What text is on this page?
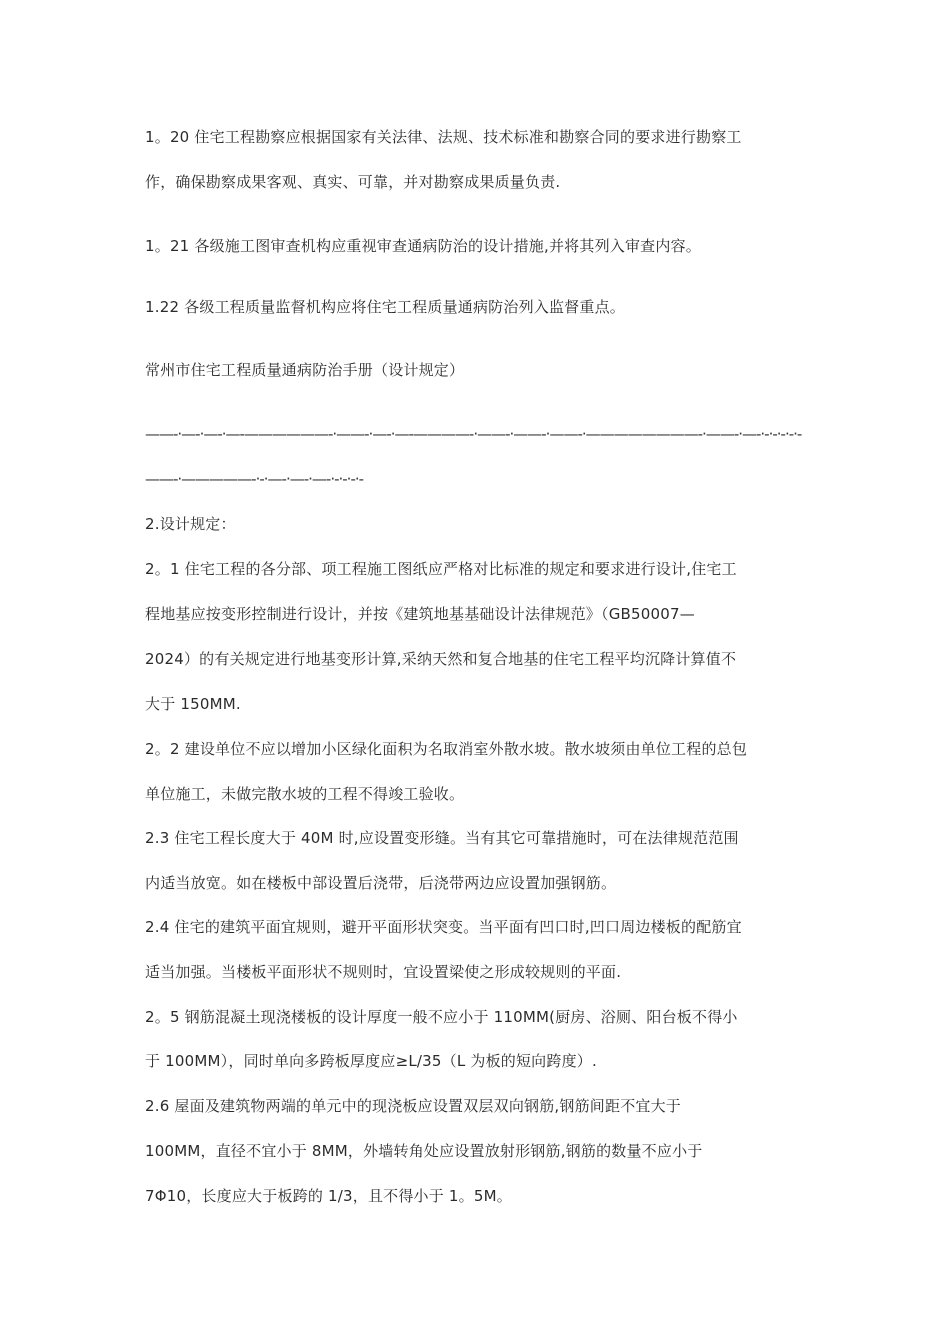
1。20 住宅工程勘察应根据国家有关法律、法规、技术标准和勘察合同的要求进行勘察工
作，确保勘察成果客观、真实、可靠，并对勘察成果质量负责.
1。21 各级施工图审查机构应重视审查通病防治的设计措施,并将其列入审查内容。
1.22 各级工程质量监督机构应将住宅工程质量通病防治列入监督重点。
常州市住宅工程质量通病防治手册（设计规定）
——-·—-·—-·—-——————-·——-·—-·—-————-·——-·——-·——-·————————-·——-·—-·-·-·-·-·-
——-·—————-·-·—-·—-·—-·-·-·-·-
2.设计规定：
2。1 住宅工程的各分部、项工程施工图纸应严格对比标准的规定和要求进行设计,住宅工
程地基应按变形控制进行设计，并按《建筑地基基础设计法律规范》（GB50007—
2024）的有关规定进行地基变形计算,采纳天然和复合地基的住宅工程平均沉降计算值不
大于 150MM.
2。2 建设单位不应以增加小区绿化面积为名取消室外散水坡。散水坡须由单位工程的总包
单位施工，未做完散水坡的工程不得竣工验收。
2.3 住宅工程长度大于 40M 时,应设置变形缝。当有其它可靠措施时，可在法律规范范围
内适当放宽。如在楼板中部设置后浇带，后浇带两边应设置加强钢筋。
2.4 住宅的建筑平面宜规则，避开平面形状突变。当平面有凹口时,凹口周边楼板的配筋宜
适当加强。当楼板平面形状不规则时，宜设置梁使之形成较规则的平面.
2。5 钢筋混凝土现浇楼板的设计厚度一般不应小于 110MM(厨房、浴厕、阳台板不得小
于 100MM），同时单向多跨板厚度应≥L/35（L 为板的短向跨度）.
2.6 屋面及建筑物两端的单元中的现浇板应设置双层双向钢筋,钢筋间距不宜大于
100MM，直径不宜小于 8MM，外墙转角处应设置放射形钢筋,钢筋的数量不应小于
7Φ10，长度应大于板跨的 1/3，且不得小于 1。5M。
